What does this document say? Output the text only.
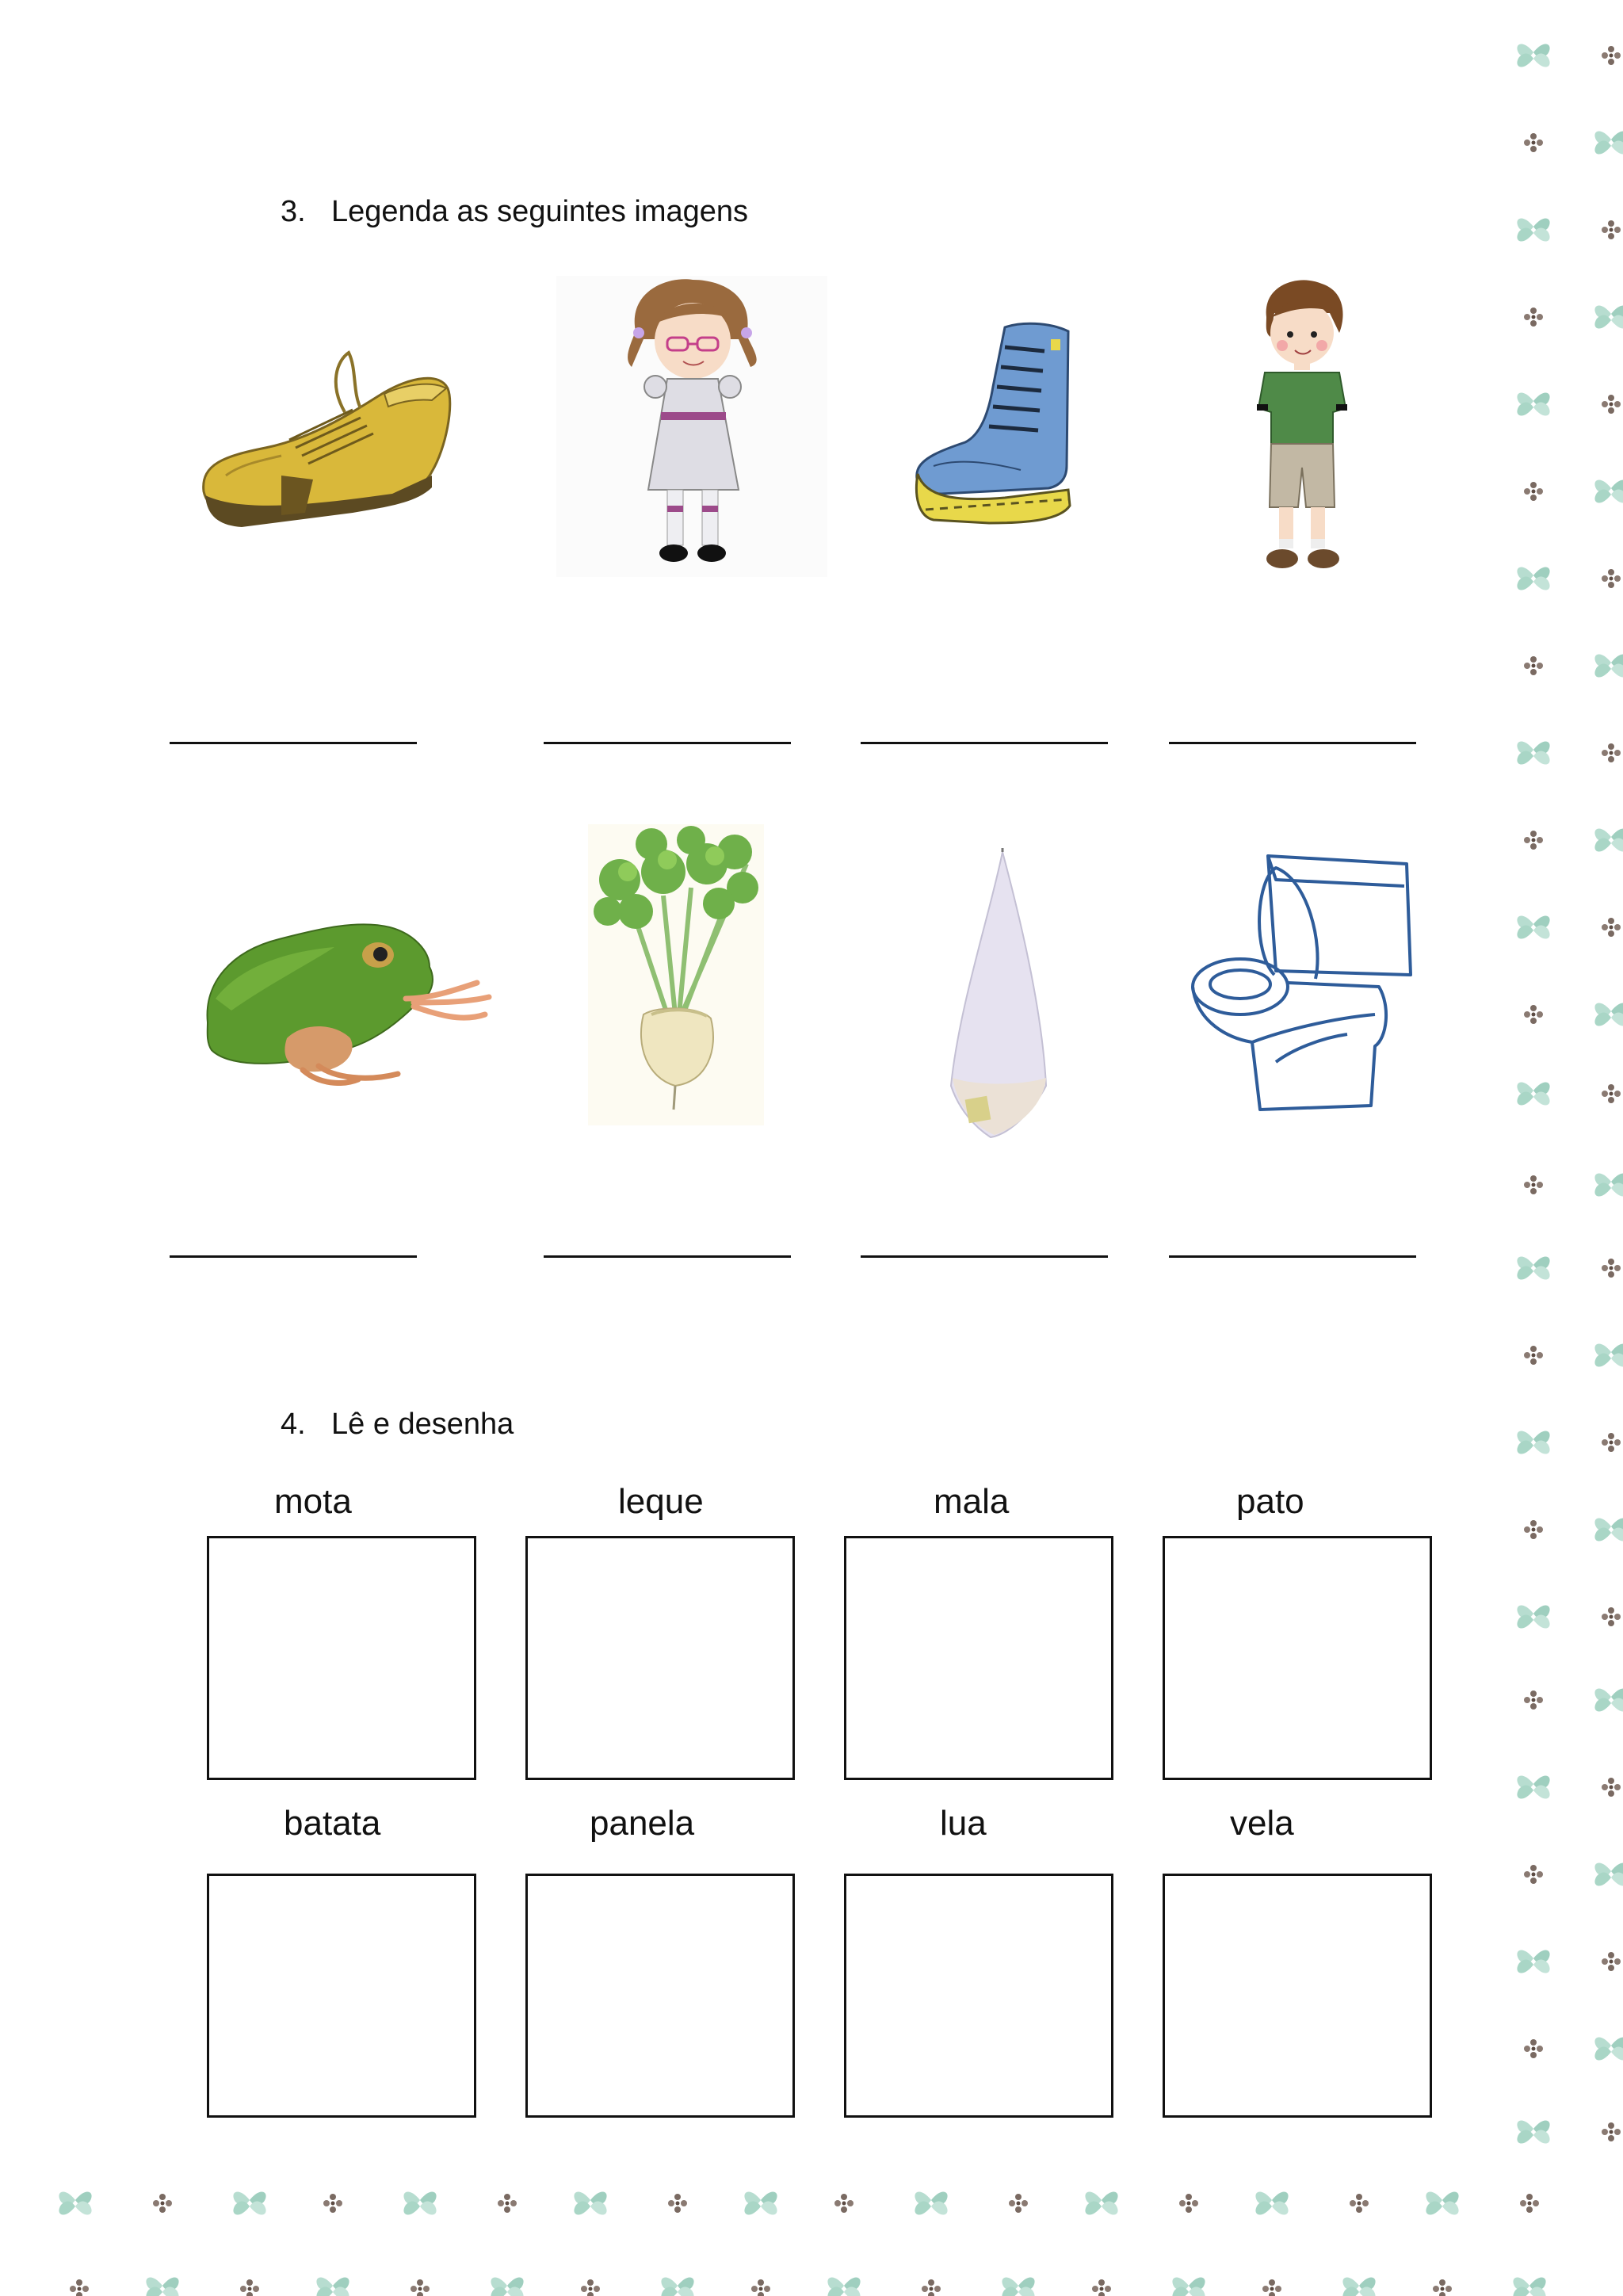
3. Legenda as seguintes imagens
4. Lê e desenha
mota	leque	mala	pato
batata	panela	lua	vela
